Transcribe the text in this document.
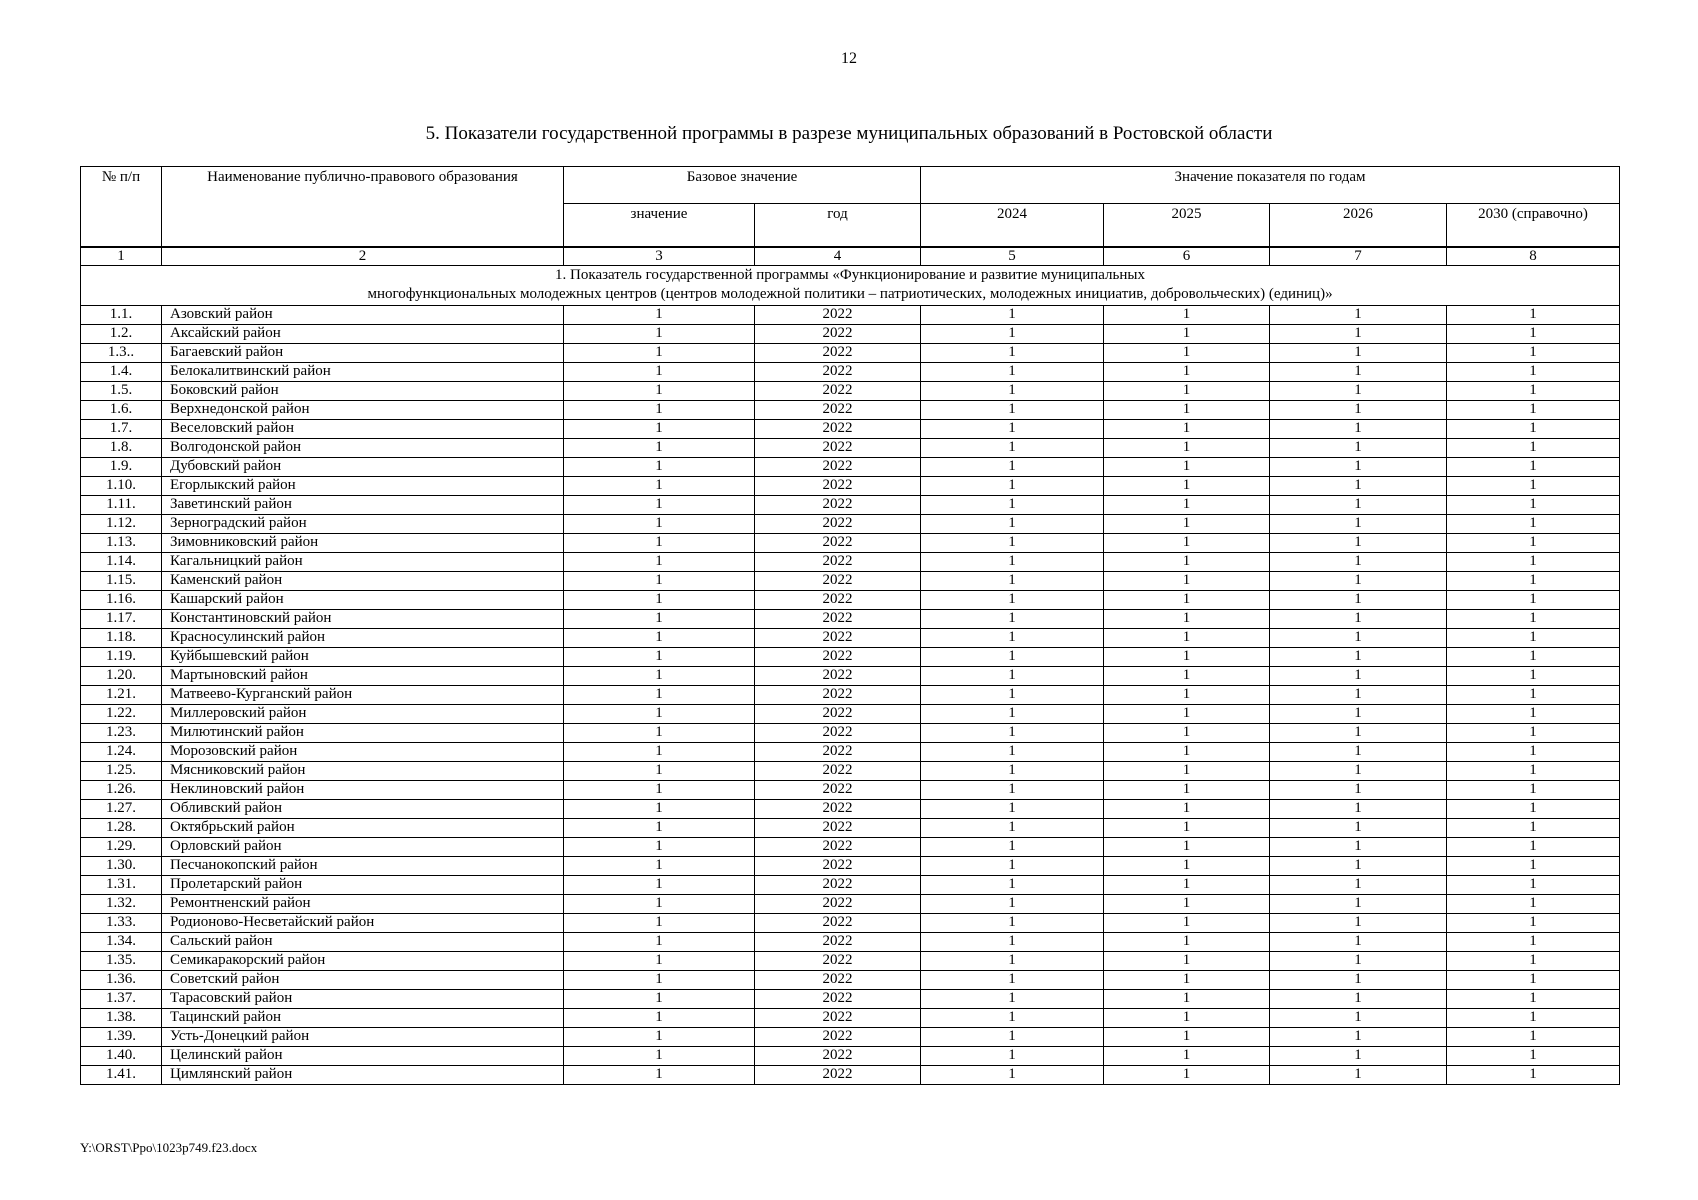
12
5. Показатели государственной программы в разрезе муниципальных образований в Ростовской области
№ п/п	Наименование публично-правового образования	Базовое значение		Значение показателя по годам			
		значение	год	2024	2025	2026	2030 (справочно)
1	2	3	4	5	6	7	8

1. Показатель государственной программы «Функционирование и развитие муниципальных
многофункциональных молодежных центров (центров молодежной политики – патриотических, молодежных инициатив, добровольческих) (единиц)»							

1.1.	Азовский район	1	2022	1	1	1	1
1.2.	Аксайский район	1	2022	1	1	1	1
1.3..	Багаевский район	1	2022	1	1	1	1
1.4.	Белокалитвинский район	1	2022	1	1	1	1
1.5.	Боковский район	1	2022	1	1	1	1
1.6.	Верхнедонской район	1	2022	1	1	1	1
1.7.	Веселовский район	1	2022	1	1	1	1
1.8.	Волгодонской район	1	2022	1	1	1	1
1.9.	Дубовский район	1	2022	1	1	1	1
1.10.	Егорлыкский район	1	2022	1	1	1	1
1.11.	Заветинский район	1	2022	1	1	1	1
1.12.	Зерноградский район	1	2022	1	1	1	1
1.13.	Зимовниковский район	1	2022	1	1	1	1
1.14.	Кагальницкий район	1	2022	1	1	1	1
1.15.	Каменский район	1	2022	1	1	1	1
1.16.	Кашарский район	1	2022	1	1	1	1
1.17.	Константиновский район	1	2022	1	1	1	1
1.18.	Красносулинский район	1	2022	1	1	1	1
1.19.	Куйбышевский район	1	2022	1	1	1	1
1.20.	Мартыновский район	1	2022	1	1	1	1
1.21.	Матвеево-Курганский район	1	2022	1	1	1	1
1.22.	Миллеровский район	1	2022	1	1	1	1
1.23.	Милютинский район	1	2022	1	1	1	1
1.24.	Морозовский район	1	2022	1	1	1	1
1.25.	Мясниковский район	1	2022	1	1	1	1
1.26.	Неклиновский район	1	2022	1	1	1	1
1.27.	Обливский район	1	2022	1	1	1	1
1.28.	Октябрьский район	1	2022	1	1	1	1
1.29.	Орловский район	1	2022	1	1	1	1
1.30.	Песчанокопский район	1	2022	1	1	1	1
1.31.	Пролетарский район	1	2022	1	1	1	1
1.32.	Ремонтненский район	1	2022	1	1	1	1
1.33.	Родионово-Несветайский район	1	2022	1	1	1	1
1.34.	Сальский район	1	2022	1	1	1	1
1.35.	Семикаракорский район	1	2022	1	1	1	1
1.36.	Советский район	1	2022	1	1	1	1
1.37.	Тарасовский район	1	2022	1	1	1	1
1.38.	Тацинский район	1	2022	1	1	1	1
1.39.	Усть-Донецкий район	1	2022	1	1	1	1
1.40.	Целинский район	1	2022	1	1	1	1
1.41.	Цимлянский район	1	2022	1	1	1	1
Y:\ORST\Ppo\1023p749.f23.docx
